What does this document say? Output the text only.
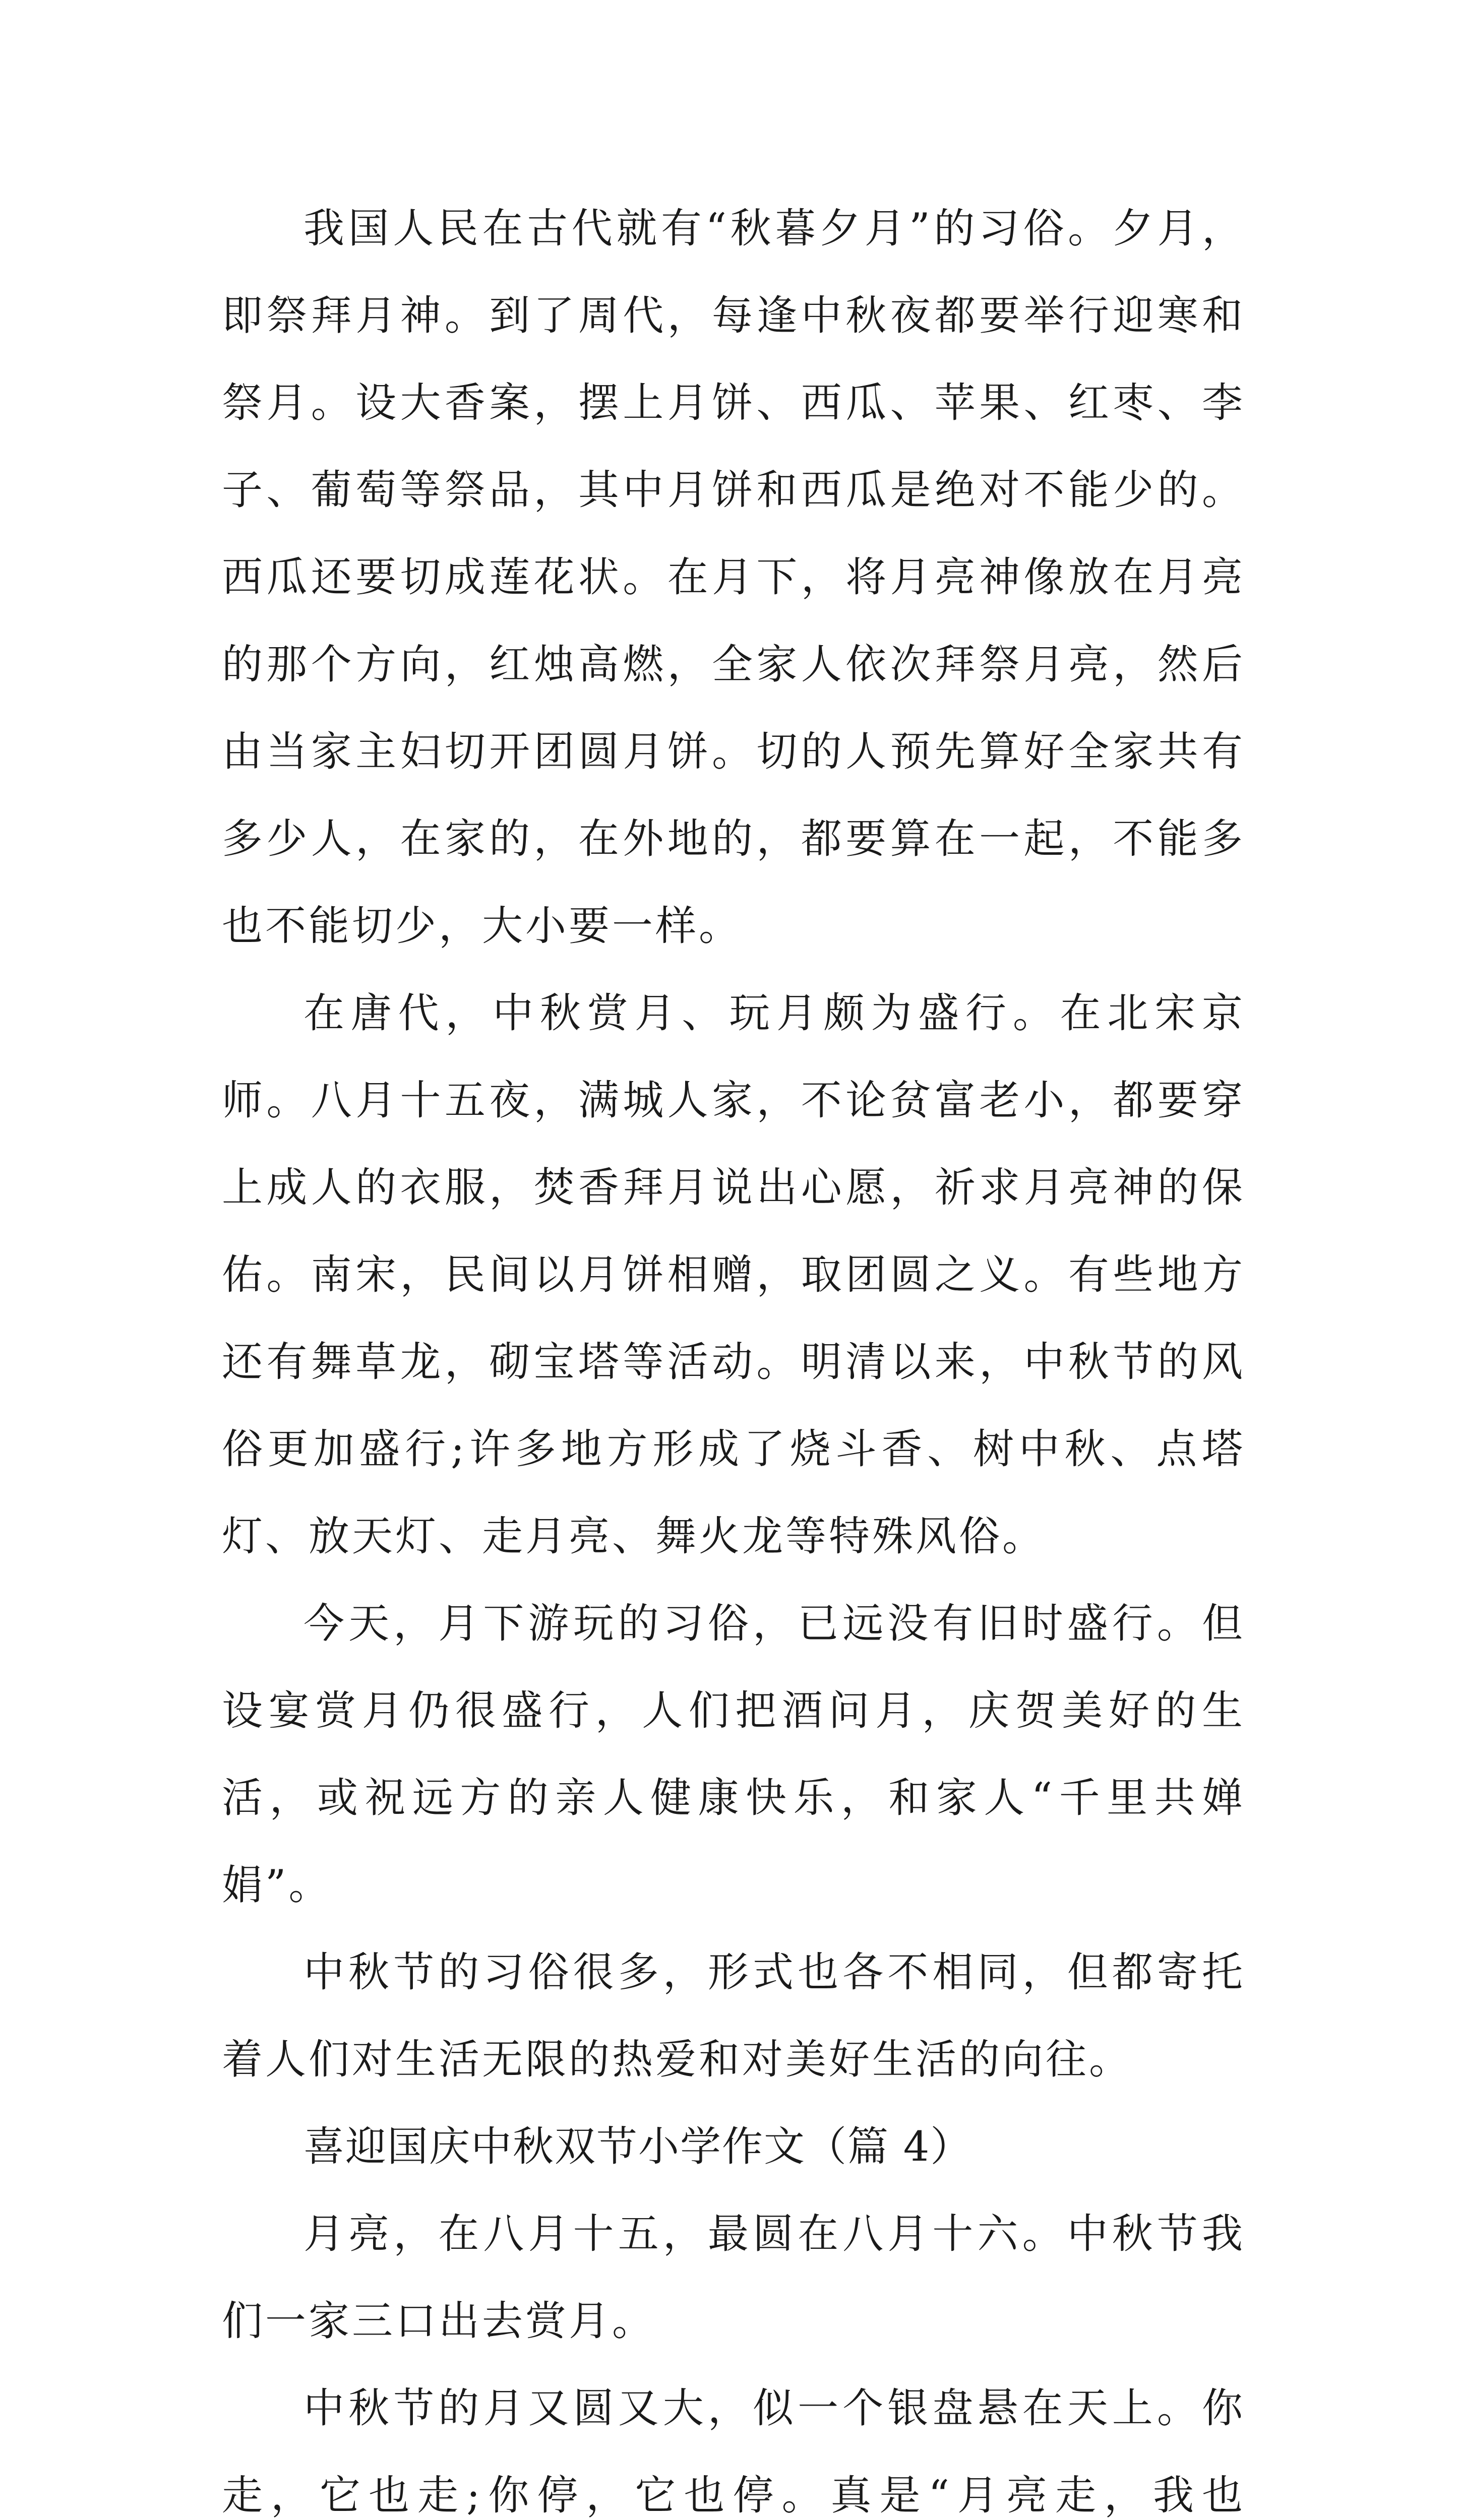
我国人民在古代就有“秋暮夕月”的习俗。夕月，即祭拜月神。到了周代，每逢中秋夜都要举行迎寒和祭月。设大香案，摆上月饼、西瓜、苹果、红枣、李子、葡萄等祭品，其中月饼和西瓜是绝对不能少的。西瓜还要切成莲花状。在月下，将月亮神像放在月亮的那个方向，红烛高燃，全家人依次拜祭月亮，然后由当家主妇切开团圆月饼。切的人预先算好全家共有多少人，在家的，在外地的，都要算在一起，不能多也不能切少，大小要一样。

在唐代，中秋赏月、玩月颇为盛行。在北宋京师。八月十五夜，满城人家，不论贫富老小，都要穿上成人的衣服，焚香拜月说出心愿，祈求月亮神的保佑。南宋，民间以月饼相赠，取团圆之义。有些地方还有舞草龙，砌宝塔等活动。明清以来，中秋节的风俗更加盛行;许多地方形成了烧斗香、树中秋、点塔灯、放天灯、走月亮、舞火龙等特殊风俗。

今天，月下游玩的习俗，已远没有旧时盛行。但设宴赏月仍很盛行，人们把酒问月，庆贺美好的生活，或祝远方的亲人健康快乐，和家人“千里共婵娟”。

中秋节的习俗很多，形式也各不相同，但都寄托着人们对生活无限的热爱和对美好生活的向往。

喜迎国庆中秋双节小学作文（篇 4）

月亮，在八月十五，最圆在八月十六。中秋节我们一家三口出去赏月。

中秋节的月又圆又大，似一个银盘悬在天上。你走，它也走;你停，它也停。真是“月亮走，我也
